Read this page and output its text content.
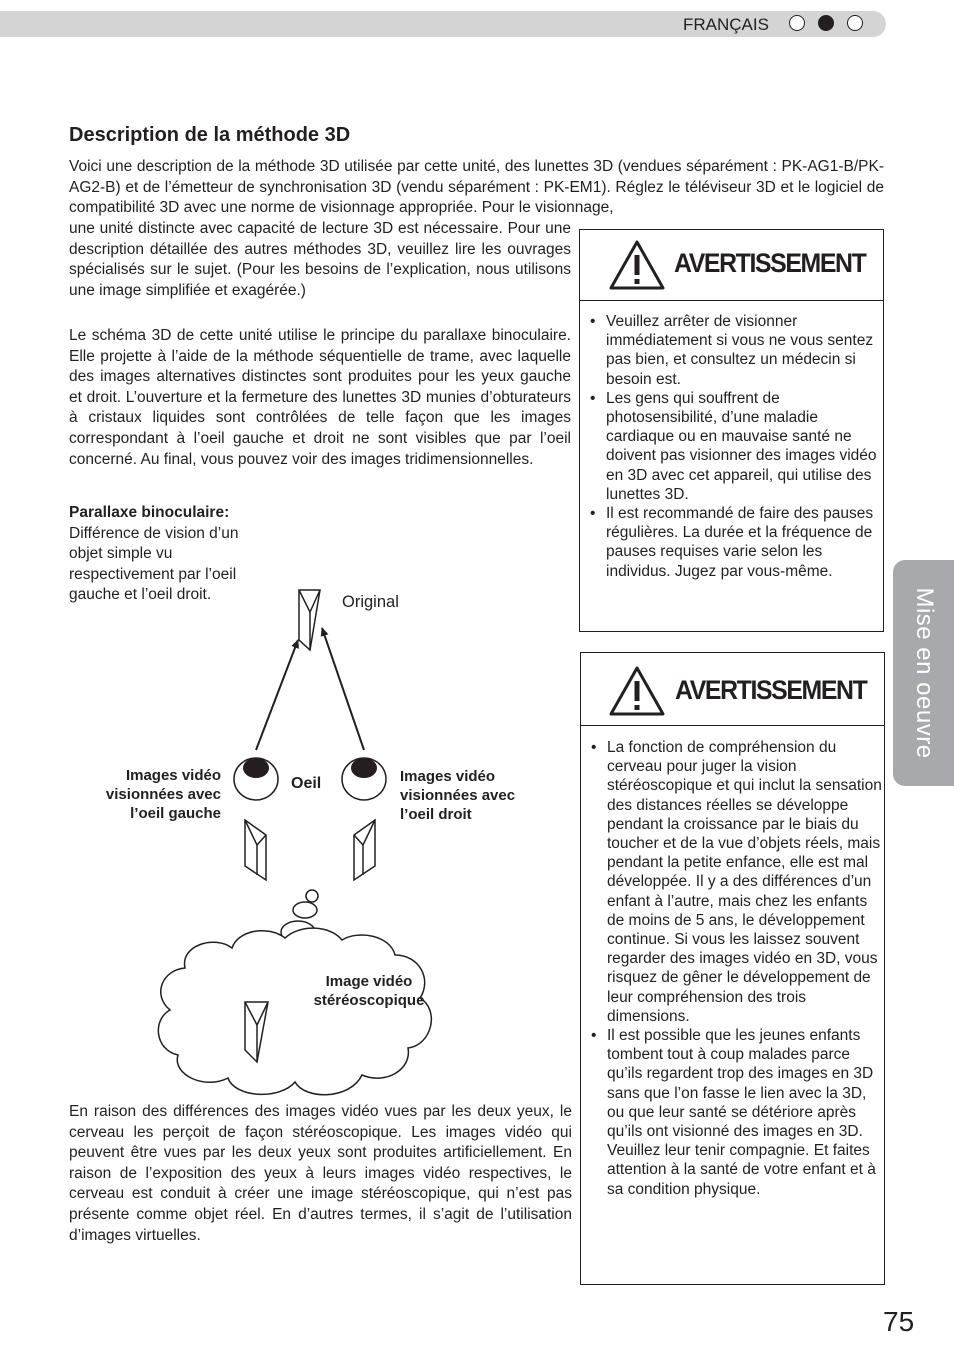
FRANÇAIS
Description de la méthode 3D

Voici une description de la méthode 3D utilisée par cette unité, des lunettes 3D (vendues séparément : PK-AG1-B/PK-AG2-B) et de l’émetteur de synchronisation 3D (vendu séparément : PK-EM1). Réglez le téléviseur 3D et le logiciel de compatibilité 3D avec une norme de visionnage appropriée. Pour le visionnage,

une unité distincte avec capacité de lecture 3D est nécessaire. Pour une description détaillée des autres méthodes 3D, veuillez lire les ouvrages spécialisés sur le sujet. (Pour les besoins de l’explication, nous utilisons une image simplifiée et exagérée.)

Le schéma 3D de cette unité utilise le principe du parallaxe binoculaire. Elle projette à l’aide de la méthode séquentielle de trame, avec laquelle des images alternatives distinctes sont produites pour les yeux gauche et droit. L’ouverture et la fermeture des lunettes 3D munies d’obturateurs à cristaux liquides sont contrôlées de telle façon que les images correspondant à l’oeil gauche et droit ne sont visibles que par l’oeil concerné. Au final, vous pouvez voir des images tridimensionnelles.

Parallaxe binoculaire:
Différence de vision d’un objet simple vu respectivement par l’oeil gauche et l’oeil droit.	Original
Oeil
Images vidéo visionnées avec l’oeil gauche
Images vidéo visionnées avec l’oeil droit
Image vidéo stéréoscopique

En raison des différences des images vidéo vues par les deux yeux, le cerveau les perçoit de façon stéréoscopique. Les images vidéo qui peuvent être vues par les deux yeux sont produites artificiellement. En raison de l’exposition des yeux à leurs images vidéo respectives, le cerveau est conduit à créer une image stéréoscopique, qui n’est pas présente comme objet réel. En d’autres termes, il s’agit de l’utilisation d’images virtuelles.

AVERTISSEMENT
• Veuillez arrêter de visionner immédiatement si vous ne vous sentez pas bien, et consultez un médecin si besoin est.
• Les gens qui souffrent de photosensibilité, d’une maladie cardiaque ou en mauvaise santé ne doivent pas visionner des images vidéo en 3D avec cet appareil, qui utilise des lunettes 3D.
• Il est recommandé de faire des pauses régulières. La durée et la fréquence de pauses requises varie selon les individus. Jugez par vous-même.
AVERTISSEMENT
• La fonction de compréhension du cerveau pour juger la vision stéréoscopique et qui inclut la sensation des distances réelles se développe pendant la croissance par le biais du toucher et de la vue d’objets réels, mais pendant la petite enfance, elle est mal développée. Il y a des différences d’un enfant à l’autre, mais chez les enfants de moins de 5 ans, le développement continue. Si vous les laissez souvent regarder des images vidéo en 3D, vous risquez de gêner le développement de leur compréhension des trois dimensions.
• Il est possible que les jeunes enfants tombent tout à coup malades parce qu’ils regardent trop des images en 3D sans que l’on fasse le lien avec la 3D, ou que leur santé se détériore après qu’ils ont visionné des images en 3D. Veuillez leur tenir compagnie. Et faites attention à la santé de votre enfant et à sa condition physique.
Mise en oeuvre
75
